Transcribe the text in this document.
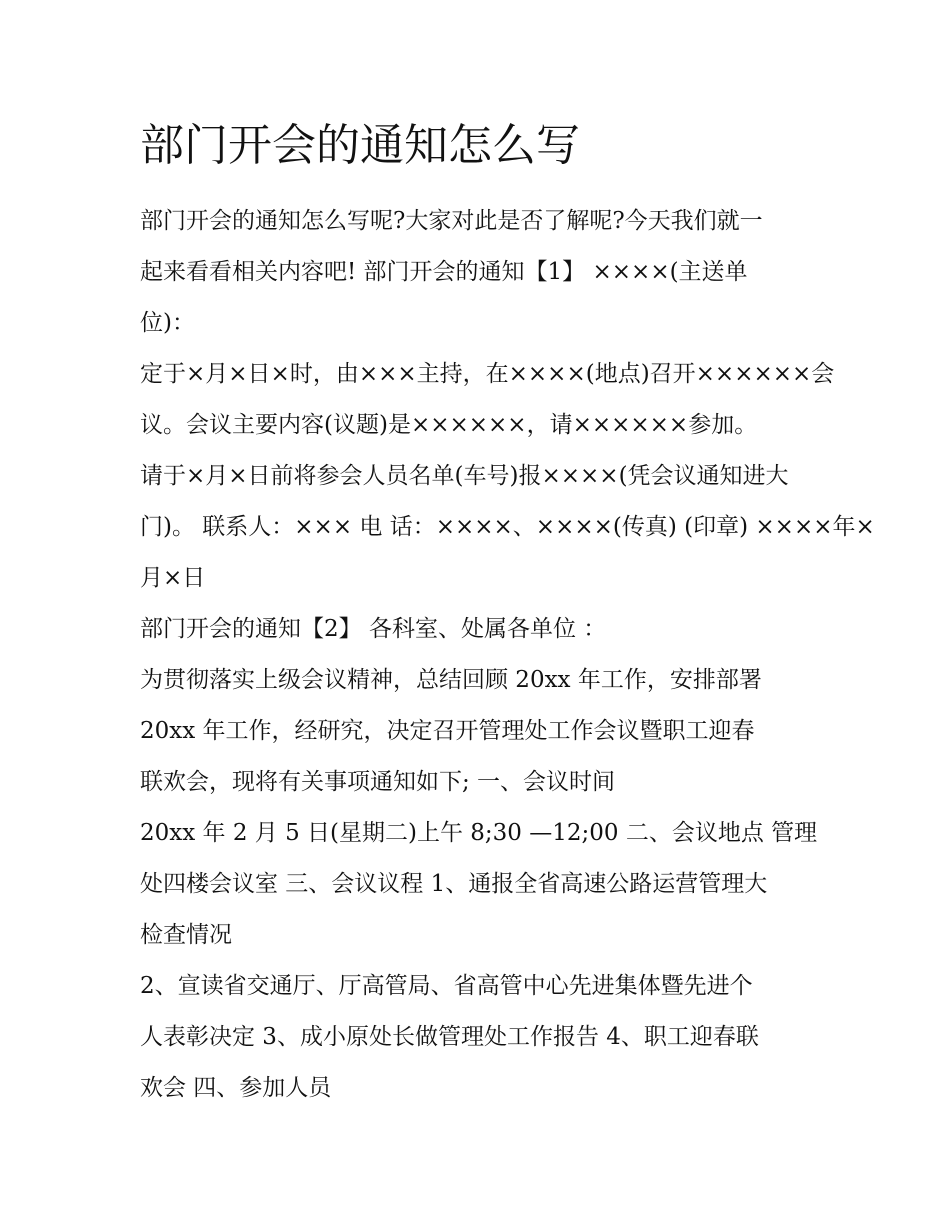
部门开会的通知怎么写

部门开会的通知怎么写呢?大家对此是否了解呢?今天我们就一

起来看看相关内容吧! 部门开会的通知【1】 ××××(主送单

位)：

定于×月×日×时，由×××主持，在××××(地点)召开××××××会

议。会议主要内容(议题)是××××××，请××××××参加。

请于×月×日前将参会人员名单(车号)报××××(凭会议通知进大

门)。 联系人：××× 电 话：××××、××××(传真) (印章) ××××年×

月×日

部门开会的通知【2】 各科室、处属各单位 ：

为贯彻落实上级会议精神，总结回顾 20xx 年工作，安排部署

20xx 年工作，经研究，决定召开管理处工作会议暨职工迎春

联欢会，现将有关事项通知如下; 一、会议时间

20xx 年 2 月 5 日(星期二)上午 8;30 —12;00 二、会议地点 管理

处四楼会议室 三、会议议程 1、通报全省高速公路运营管理大

检查情况

2、宣读省交通厅、厅高管局、省高管中心先进集体暨先进个

人表彰决定 3、成小原处长做管理处工作报告 4、职工迎春联

欢会 四、参加人员
